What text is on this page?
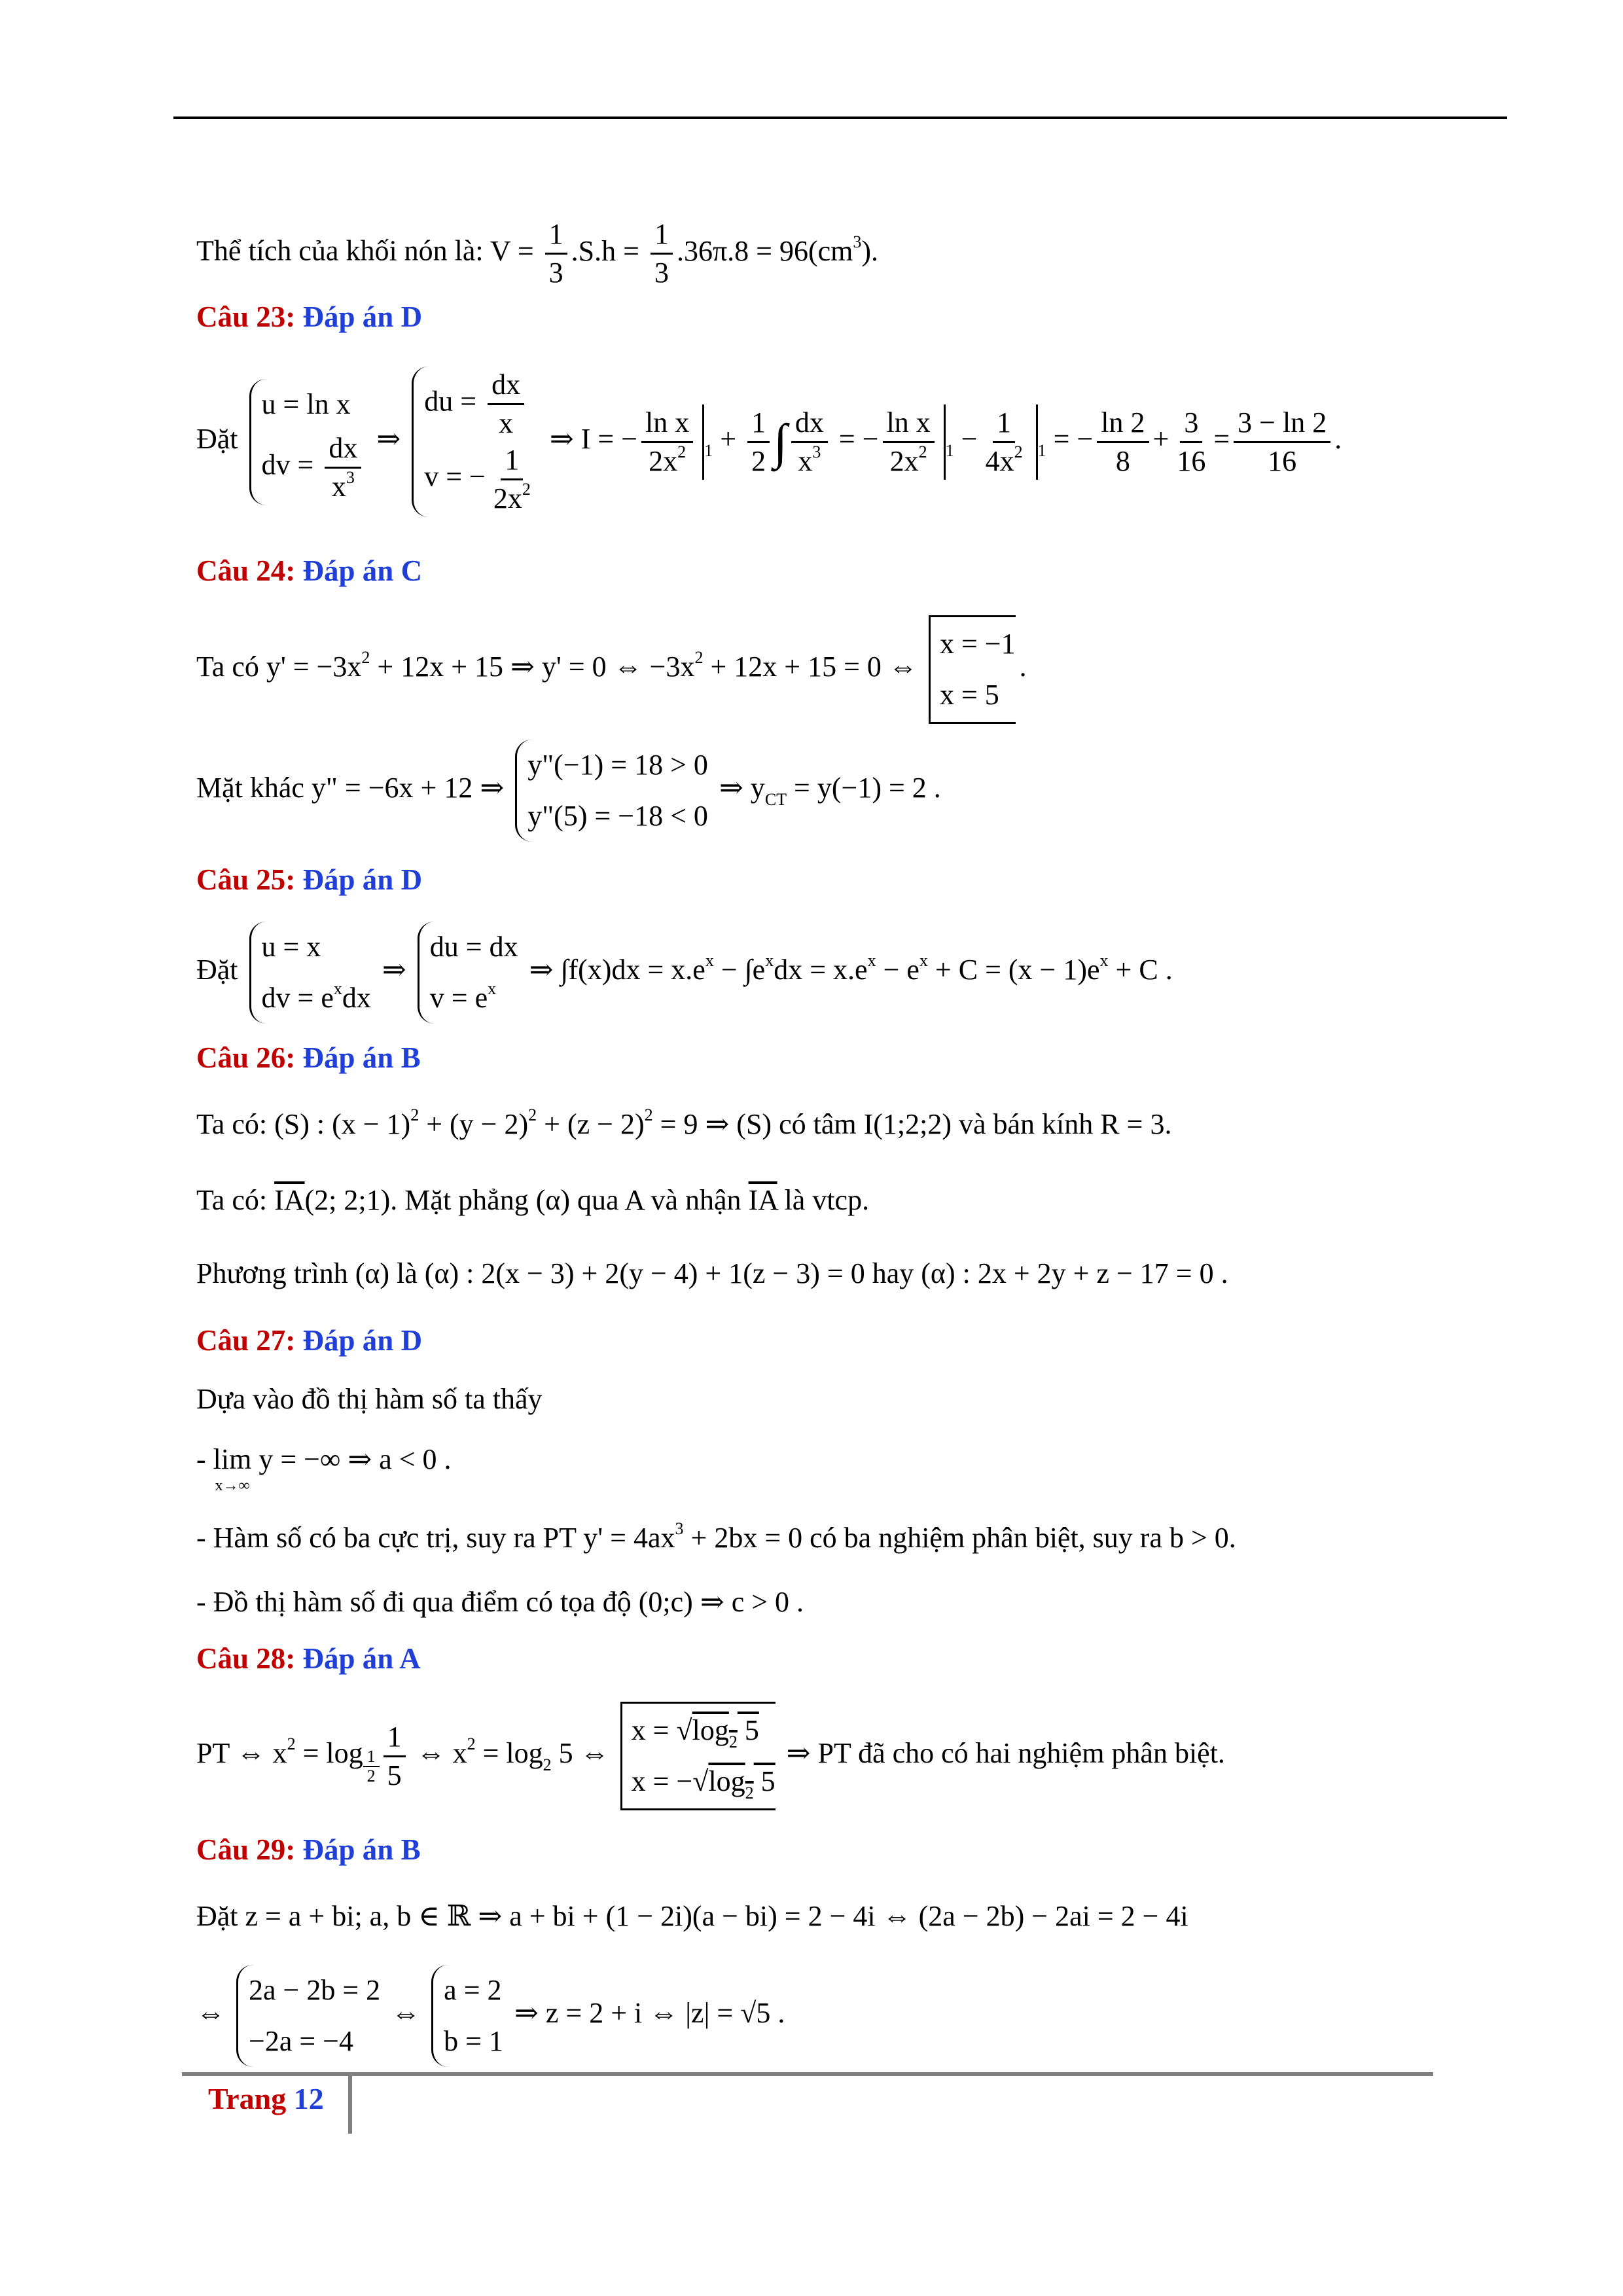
Thể tích của khối nón là: $V = \frac{1}{3} .S.h = \frac{1}{3} .36\pi.8 = 96(cm^3)$.
Câu 23: Đáp án D
Đặt
u = ln x
dv = $\frac{dx}{x^3}$ ⇒
du = $\frac{dx}{x}$
v = − $\frac{1}{2x^2}$
⇒ I = − $\frac{\text{ln x}}{2x^2} _1 + \frac{1}{2}$ ∫ $\frac{dx}{x^3}$ = − $\frac{\text{ln x}}{2x^2} _1 - \frac{1}{4x^2} _1$ = − $\frac{\ln 2}{8} + \frac{3}{16} = \frac{3 - \ln 2}{16}$ .
Câu 24: Đáp án C
Ta có $y' = -3x^2 + 12x + 15$ ⇒ y' = 0 ⇔ $-3x^2 + 12x + 15 = 0$ ⇔
x = −1
x = 5
.
Mặt khác y" = −6x + 12 ⇒
y"(−1) = 18 > 0
y"(5) = −18 < 0
⇒ $y_{CT} = y(-1) = 2$ .
Câu 25: Đáp án D
Đặt
u = x
dv = $e^xdx$
⇒
du = dx
$v = e^x$
⇒ $\int f(x)dx = x.e^x - \int e^xdx = x.e^x - e^x + C = (x - 1)e^x + C$ .
Câu 26: Đáp án B
Ta có: (S) : $(x - 1)^2 + (y - 2)^2 + (z - 2)^2 = 9$ ⇒ (S) có tâm I(1;2;2) và bán kính R = 3.
Ta có: $\overline{IA}(2$; 2;1). Mặt phẳng (α) qua A và nhận $\overline{IA}$ là vtcp.
Phương trình (α) là (α) : 2(x − 3) + 2(y − 4) + 1(z − 3) = 0 hay (α) : 2x + 2y + z − 17 = 0 .
Câu 27: Đáp án D
Dựa vào đồ thị hàm số ta thấy
- lim
x→∞
y = −∞ ⇒ a < 0 .
- Hàm số có ba cực trị, suy ra PT $y' = 4ax^3 + 2bx = 0$ có ba nghiệm phân biệt, suy ra b > 0.
- Đồ thị hàm số đi qua điểm có tọa độ (0;c) ⇒ c > 0 .
Câu 28: Đáp án A
PT ⇔ $x^2 = \log _{\frac{1}{2}} \frac{1}{5}$ ⇔ $x^2 = \log_2 5$ ⇔
$x = √\log_2$ 5
$x = -√\log_2$ 5
⇒ PT đã cho có hai nghiệm phân biệt.
Câu 29: Đáp án B
Đặt z = a + bi; a, b ∈ ℝ ⇒ a + bi + (1 − 2i)(a − bi) = 2 − 4i ⇔ (2a − 2b) − 2ai = 2 − 4i
⇔
2a − 2b = 2
−2a = −4
⇔
a = 2
b = 1
⇒ z = 2 + i ⇔ |z| = √5 .
Trang 12
